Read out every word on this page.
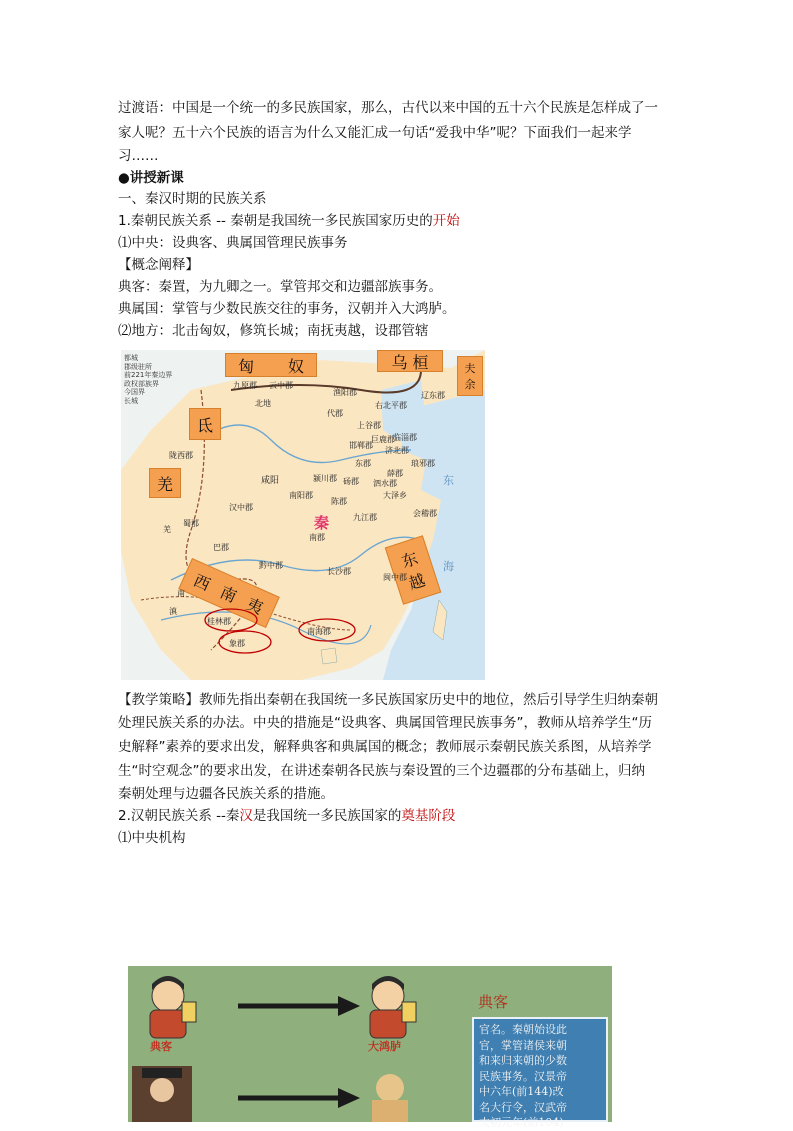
过渡语：中国是一个统一的多民族国家，那么，古代以来中国的五十六个民族是怎样成了一
家人呢？五十六个民族的语言为什么又能汇成一句话“爱我中华”呢？下面我们一起来学
习……
●讲授新课
一、秦汉时期的民族关系
1.秦朝民族关系 -- 秦朝是我国统一多民族国家历史的开始
⑴中央：设典客、典属国管理民族事务
【概念阐释】
典客：秦置，为九卿之一。掌管邦交和边疆部族事务。
典属国：掌管与少数民族交往的事务，汉朝并入大鸿胪。
⑵地方：北击匈奴，修筑长城；南抚夷越，设郡管辖
都城
郡级驻所
前221年秦边界
政权部族界
今国界
长城
匈 奴	乌 桓	夫
余
氐
羌
东
越
西 南 夷
秦
渔阳郡	辽东郡
右北平郡
云中郡
九原郡
代郡
上谷郡
邯郸郡
巨鹿郡
济北郡
琅邪郡
临淄郡
东郡
薛郡
砀郡 泗水郡
陇西郡
咸阳	颍川郡
南阳郡
汉中郡
陈郡
九江郡	会稽郡
南郡
长沙郡
黔中郡
巴郡
蜀郡
桂林郡
象郡
南海郡
闽中郡
大泽乡
羌
南
滇
东
海
北地
【教学策略】教师先指出秦朝在我国统一多民族国家历史中的地位，然后引导学生归纳秦朝
处理民族关系的办法。中央的措施是“设典客、典属国管理民族事务”，教师从培养学生“历
史解释”素养的要求出发，解释典客和典属国的概念；教师展示秦朝民族关系图，从培养学
生“时空观念”的要求出发，在讲述秦朝各民族与秦设置的三个边疆郡的分布基础上，归纳
秦朝处理与边疆各民族关系的措施。
2.汉朝民族关系 --秦汉是我国统一多民族国家的奠基阶段
⑴中央机构
典客	大鸿胪
典客
官名。秦朝始设此
官，掌管诸侯来朝
和来归来朝的少数
民族事务。汉景帝
中六年(前144)改
名大行令，汉武帝
太初元年(前104)
